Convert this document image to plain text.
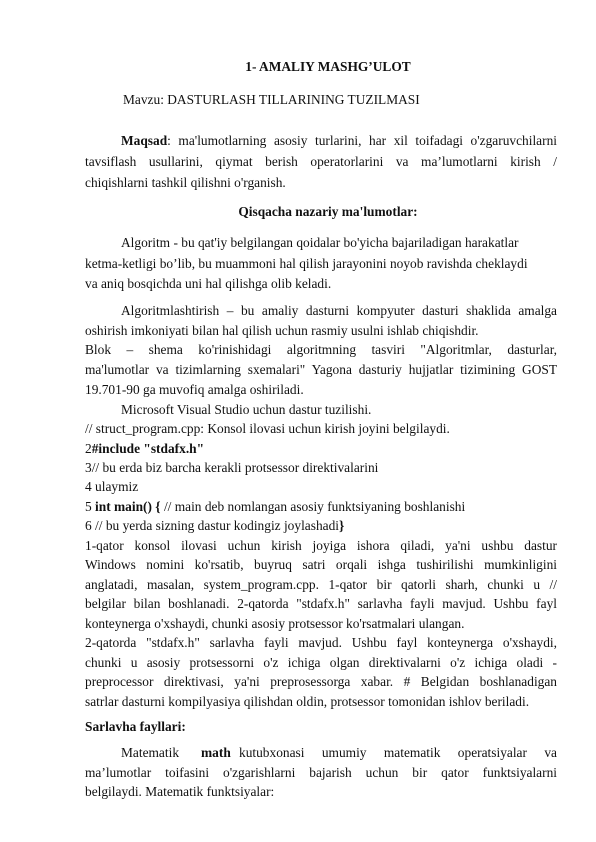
1- AMALIY MASHG’ULOT
Mavzu: DASTURLASH TILLARINING TUZILMASI
Maqsad: ma'lumotlarning asosiy turlarini, har xil toifadagi o'zgaruvchilarni
tavsiflash usullarini, qiymat berish operatorlarini va ma’lumotlarni kirish /
chiqishlarni tashkil qilishni o'rganish.
Qisqacha nazariy ma'lumotlar:
Algoritm - bu qat'iy belgilangan qoidalar bo'yicha bajariladigan harakatlar
ketma-ketligi bo’lib, bu muammoni hal qilish jarayonini noyob ravishda cheklaydi
va aniq bosqichda uni hal qilishga olib keladi.
Algoritmlashtirish – bu amaliy dasturni kompyuter dasturi shaklida amalga
oshirish imkoniyati bilan hal qilish uchun rasmiy usulni ishlab chiqishdir.
Blok – shema ko'rinishidagi algoritmning tasviri "Algoritmlar, dasturlar,
ma'lumotlar va tizimlarning sxemalari" Yagona dasturiy hujjatlar tizimining GOST
19.701-90 ga muvofiq amalga oshiriladi.
Microsoft Visual Studio uchun dastur tuzilishi.
// struct_program.cpp: Konsol ilovasi uchun kirish joyini belgilaydi.
2#include "stdafx.h"
3// bu erda biz barcha kerakli protsessor direktivalarini
4 ulaymiz
5 int main() { // main deb nomlangan asosiy funktsiyaning boshlanishi
6 // bu yerda sizning dastur kodingiz joylashadi}
1-qator konsol ilovasi uchun kirish joyiga ishora qiladi, ya'ni ushbu dastur
Windows nomini ko'rsatib, buyruq satri orqali ishga tushirilishi mumkinligini
anglatadi, masalan, system_program.cpp. 1-qator bir qatorli sharh, chunki u //
belgilar bilan boshlanadi. 2-qatorda "stdafx.h" sarlavha fayli mavjud. Ushbu fayl
konteynerga o'xshaydi, chunki asosiy protsessor ko'rsatmalari ulangan.
2-qatorda "stdafx.h" sarlavha fayli mavjud. Ushbu fayl konteynerga o'xshaydi,
chunki u asosiy protsessorni o'z ichiga olgan direktivalarni o'z ichiga oladi -
preprocessor direktivasi, ya'ni preprosessorga xabar. # Belgidan boshlanadigan
satrlar dasturni kompilyasiya qilishdan oldin, protsessor tomonidan ishlov beriladi.
Sarlavha fayllari:
Matematik math kutubxonasi umumiy matematik operatsiyalar va
ma’lumotlar toifasini o'zgarishlarni bajarish uchun bir qator funktsiyalarni
belgilaydi. Matematik funktsiyalar:
